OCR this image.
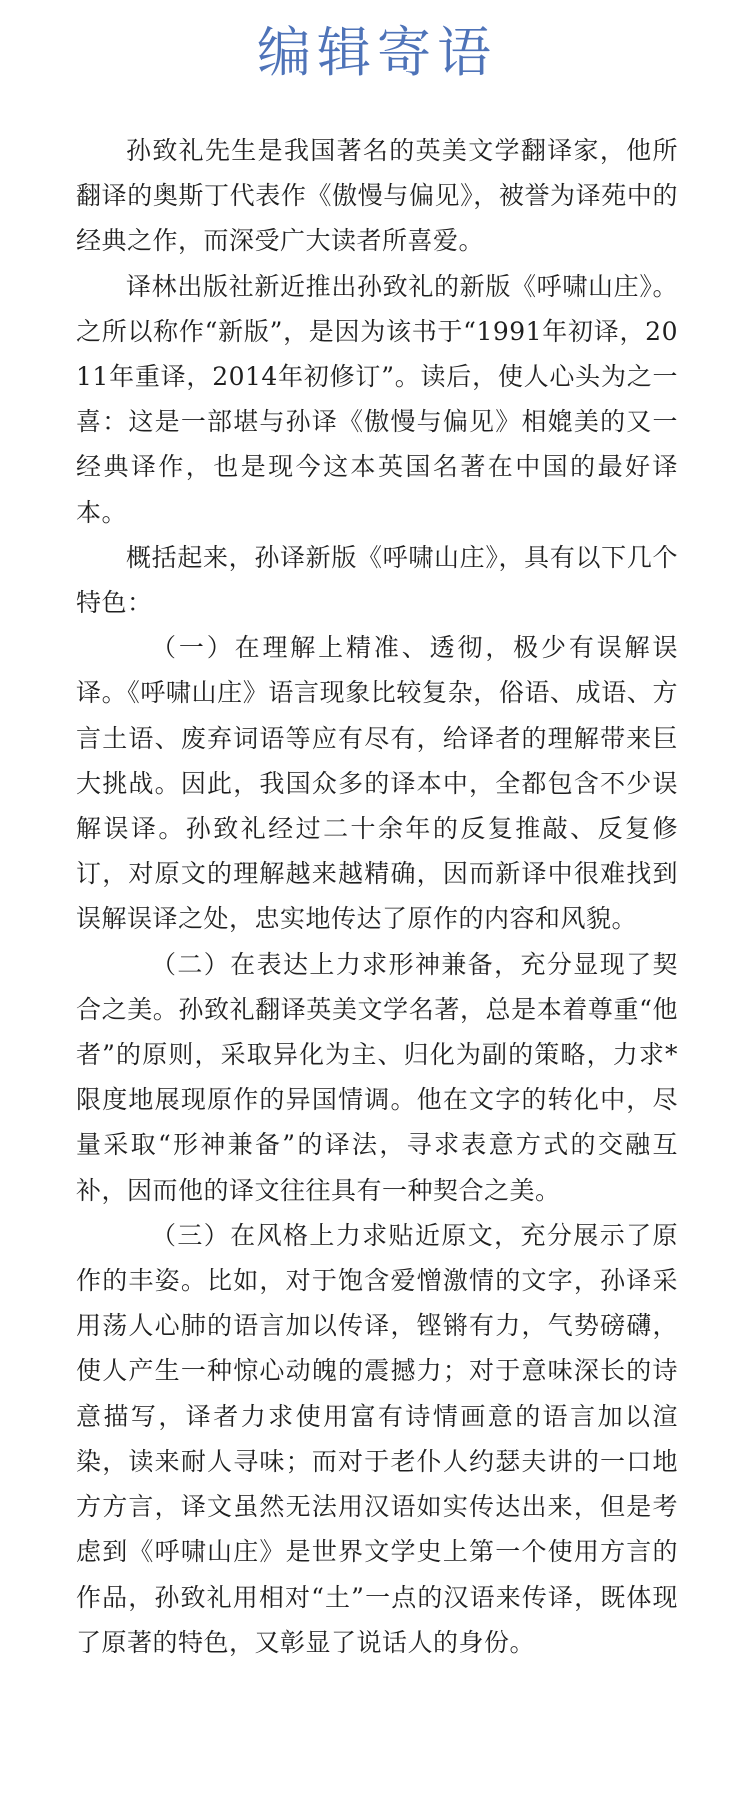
编辑寄语

孙致礼先生是我国著名的英美文学翻译家，他所翻译的奥斯丁代表作《傲慢与偏见》，被誉为译苑中的经典之作，而深受广大读者所喜爱。

译林出版社新近推出孙致礼的新版《呼啸山庄》。之所以称作“新版”，是因为该书于“1991年初译，2011年重译，2014年初修订”。读后，使人心头为之一喜：这是一部堪与孙译《傲慢与偏见》相媲美的又一经典译作，也是现今这本英国名著在中国的最好译本。

概括起来，孙译新版《呼啸山庄》，具有以下几个特色：

（一）在理解上精准、透彻，极少有误解误译。《呼啸山庄》语言现象比较复杂，俗语、成语、方言土语、废弃词语等应有尽有，给译者的理解带来巨大挑战。因此，我国众多的译本中，全都包含不少误解误译。孙致礼经过二十余年的反复推敲、反复修订，对原文的理解越来越精确，因而新译中很难找到误解误译之处，忠实地传达了原作的内容和风貌。

（二）在表达上力求形神兼备，充分显现了契合之美。孙致礼翻译英美文学名著，总是本着尊重“他者”的原则，采取异化为主、归化为副的策略，力求*限度地展现原作的异国情调。他在文字的转化中，尽量采取“形神兼备”的译法，寻求表意方式的交融互补，因而他的译文往往具有一种契合之美。

（三）在风格上力求贴近原文，充分展示了原作的丰姿。比如，对于饱含爱憎激情的文字，孙译采用荡人心肺的语言加以传译，铿锵有力，气势磅礴，使人产生一种惊心动魄的震撼力；对于意味深长的诗意描写，译者力求使用富有诗情画意的语言加以渲染，读来耐人寻味；而对于老仆人约瑟夫讲的一口地方方言，译文虽然无法用汉语如实传达出来，但是考虑到《呼啸山庄》是世界文学史上第一个使用方言的作品，孙致礼用相对“土”一点的汉语来传译，既体现了原著的特色，又彰显了说话人的身份。
